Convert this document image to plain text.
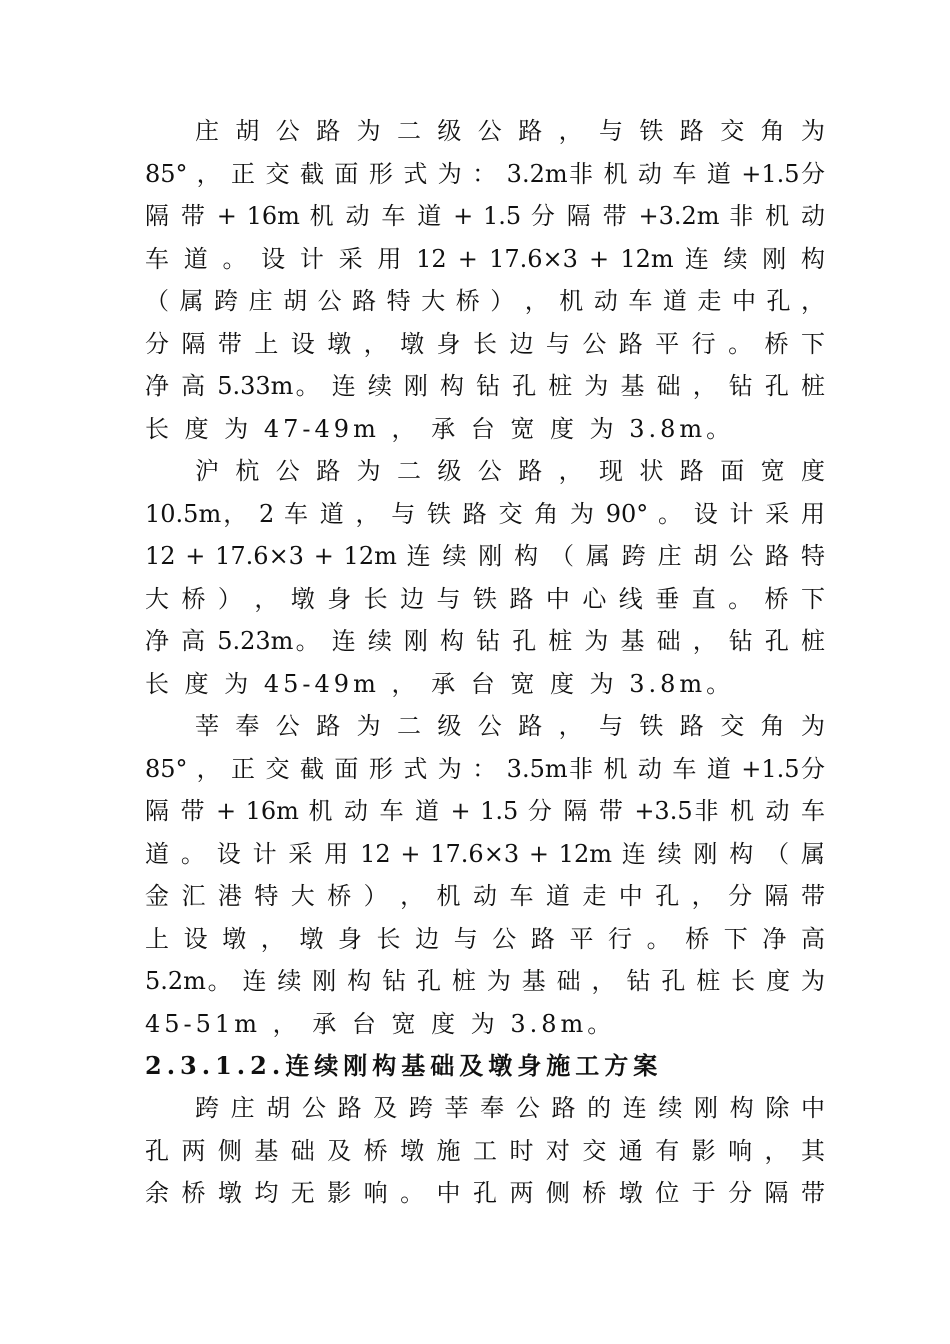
庄 胡 公 路 为 二 级 公 路 ， 与 铁 路 交 角 为
85° ， 正 交 截 面 形 式 为 ： 3.2m非 机 动 车 道 +1.5分
隔 带 + 16m 机 动 车 道 + 1.5 分 隔 带 +3.2m 非 机 动
车 道 。 设 计 采 用 12 + 17.6×3 + 12m 连 续 刚 构
（ 属 跨 庄 胡 公 路 特 大 桥 ） ， 机 动 车 道 走 中 孔 ，
分 隔 带 上 设 墩 ， 墩 身 长 边 与 公 路 平 行 。 桥 下
净 高 5.33m。 连 续 刚 构 钻 孔 桩 为 基 础 ， 钻 孔 桩
长 度 为 47-49m ， 承 台 宽 度 为 3.8m。
沪 杭 公 路 为 二 级 公 路 ， 现 状 路 面 宽 度
10.5m， 2 车 道 ， 与 铁 路 交 角 为 90° 。 设 计 采 用
12 + 17.6×3 + 12m 连 续 刚 构 （ 属 跨 庄 胡 公 路 特
大 桥 ） ， 墩 身 长 边 与 铁 路 中 心 线 垂 直 。 桥 下
净 高 5.23m。 连 续 刚 构 钻 孔 桩 为 基 础 ， 钻 孔 桩
长 度 为 45-49m ， 承 台 宽 度 为 3.8m。
莘 奉 公 路 为 二 级 公 路 ， 与 铁 路 交 角 为
85° ， 正 交 截 面 形 式 为 ： 3.5m非 机 动 车 道 +1.5分
隔 带 + 16m 机 动 车 道 + 1.5 分 隔 带 +3.5非 机 动 车
道 。 设 计 采 用 12 + 17.6×3 + 12m 连 续 刚 构 （ 属
金 汇 港 特 大 桥 ） ， 机 动 车 道 走 中 孔 ， 分 隔 带
上 设 墩 ， 墩 身 长 边 与 公 路 平 行 。 桥 下 净 高
5.2m。 连 续 刚 构 钻 孔 桩 为 基 础 ， 钻 孔 桩 长 度 为
45-51m ， 承 台 宽 度 为 3.8m。
2.3.1.2.连续刚构基础及墩身施工方案
跨 庄 胡 公 路 及 跨 莘 奉 公 路 的 连 续 刚 构 除 中
孔 两 侧 基 础 及 桥 墩 施 工 时 对 交 通 有 影 响 ， 其
余 桥 墩 均 无 影 响 。 中 孔 两 侧 桥 墩 位 于 分 隔 带
